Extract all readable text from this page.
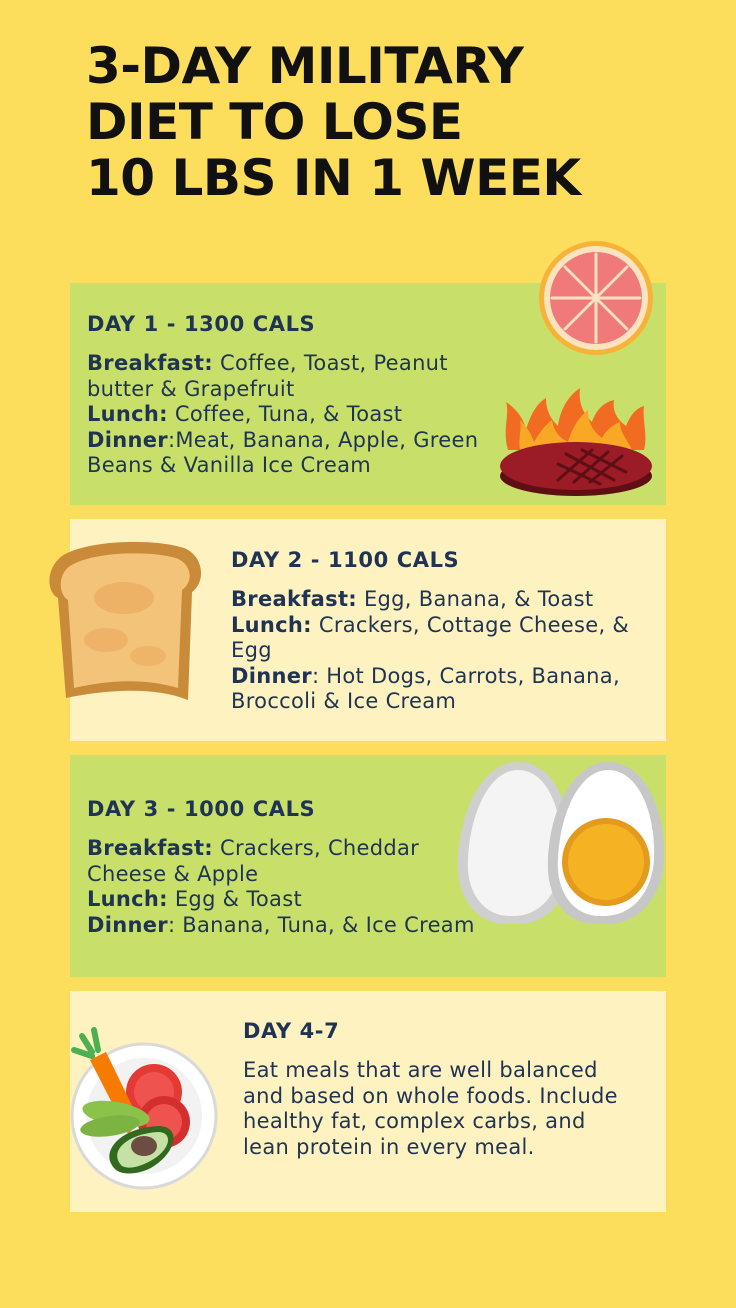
3-DAY MILITARY
DIET TO LOSE
10 LBS IN 1 WEEK
DAY 1 - 1300 CALS
Breakfast: Coffee, Toast, Peanut butter & Grapefruit
Lunch: Coffee, Tuna, & Toast
Dinner:Meat, Banana, Apple, Green Beans & Vanilla Ice Cream
DAY 2 - 1100 CALS
Breakfast: Egg, Banana, & Toast
Lunch: Crackers, Cottage Cheese, & Egg
Dinner: Hot Dogs, Carrots, Banana, Broccoli & Ice Cream
DAY 3 - 1000 CALS
Breakfast: Crackers, Cheddar Cheese & Apple
Lunch: Egg & Toast
Dinner: Banana, Tuna, & Ice Cream
DAY 4-7

Eat meals that are well balanced and based on whole foods. Include healthy fat, complex carbs, and lean protein in every meal.
